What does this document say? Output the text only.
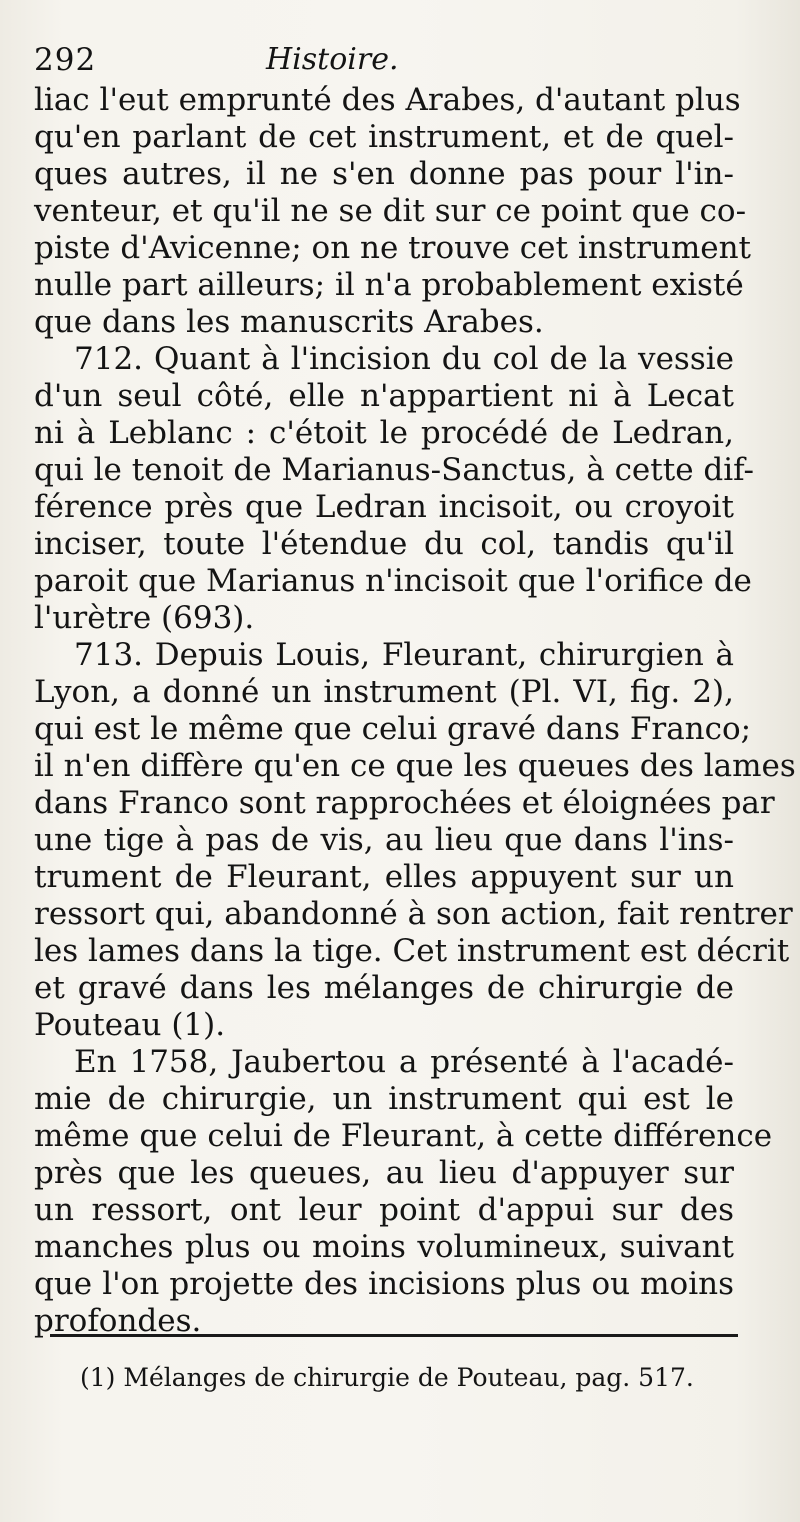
292	Histoire.
liac l'eut emprunté des Arabes, d'autant plus
qu'en parlant de cet instrument, et de quel-
ques autres, il ne s'en donne pas pour l'in-
venteur, et qu'il ne se dit sur ce point que co-
piste d'Avicenne; on ne trouve cet instrument
nulle part ailleurs; il n'a probablement existé
que dans les manuscrits Arabes.
712. Quant à l'incision du col de la vessie
d'un seul côté, elle n'appartient ni à Lecat
ni à Leblanc : c'étoit le procédé de Ledran,
qui le tenoit de Marianus-Sanctus, à cette dif-
férence près que Ledran incisoit, ou croyoit
inciser, toute l'étendue du col, tandis qu'il
paroit que Marianus n'incisoit que l'orifice de
l'urètre (693).
713. Depuis Louis, Fleurant, chirurgien à
Lyon, a donné un instrument (Pl. VI, fig. 2),
qui est le même que celui gravé dans Franco;
il n'en diffère qu'en ce que les queues des lames
dans Franco sont rapprochées et éloignées par
une tige à pas de vis, au lieu que dans l'ins-
trument de Fleurant, elles appuyent sur un
ressort qui, abandonné à son action, fait rentrer
les lames dans la tige. Cet instrument est décrit
et gravé dans les mélanges de chirurgie de
Pouteau (1).
En 1758, Jaubertou a présenté à l'acadé-
mie de chirurgie, un instrument qui est le
même que celui de Fleurant, à cette différence
près que les queues, au lieu d'appuyer sur
un ressort, ont leur point d'appui sur des
manches plus ou moins volumineux, suivant
que l'on projette des incisions plus ou moins
profondes.
(1) Mélanges de chirurgie de Pouteau, pag. 517.
